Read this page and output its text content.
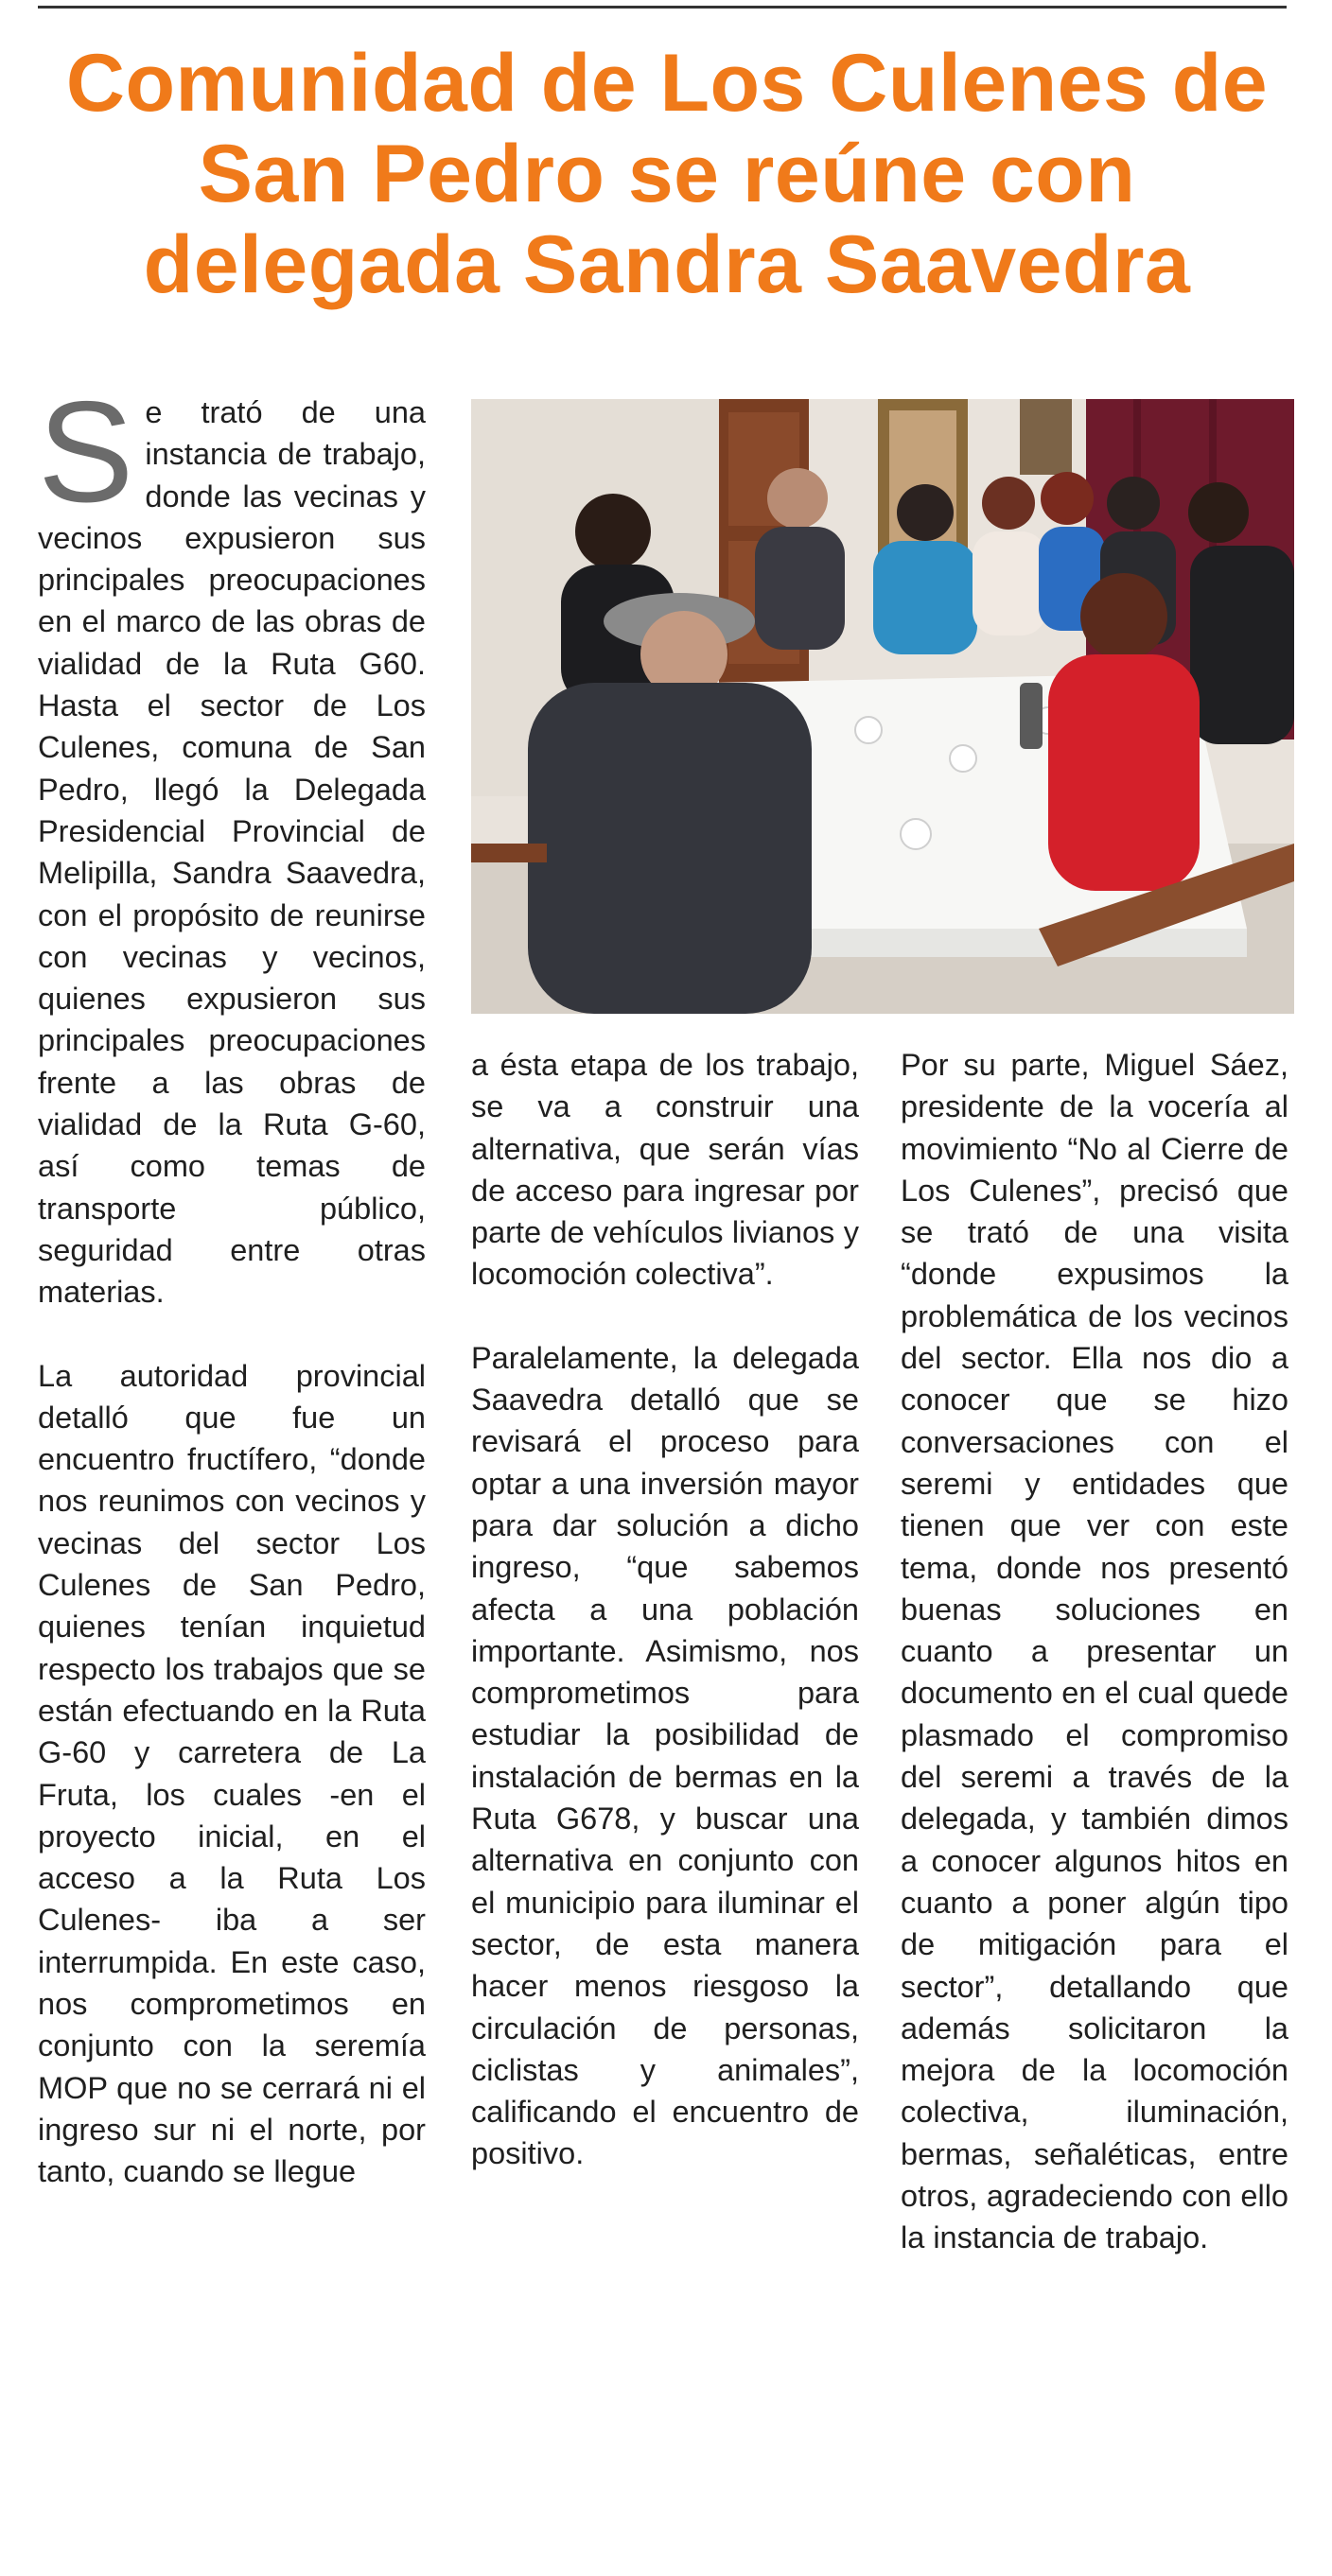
Comunidad de Los Culenes de San Pedro se reúne con delegada Sandra Saavedra

Se trató de una instancia de trabajo, donde las vecinas y vecinos expusieron sus principales preocupaciones en el marco de las obras de vialidad de la Ruta G60. Hasta el sector de Los Culenes, comuna de San Pedro, llegó la Delegada Presidencial Provincial de Melipilla, Sandra Saavedra, con el propósito de reunirse con vecinas y vecinos, quienes expusieron sus principales preocupaciones frente a las obras de vialidad de la Ruta G-60, así como temas de transporte público, seguridad entre otras materias.

La autoridad provincial detalló que fue un encuentro fructífero, “donde nos reunimos con vecinos y vecinas del sector Los Culenes de San Pedro, quienes tenían inquietud respecto los trabajos que se están efectuando en la Ruta G-60 y carretera de La Fruta, los cuales -en el proyecto inicial, en el acceso a la Ruta Los Culenes- iba a ser interrumpida. En este caso, nos comprometimos en conjunto con la seremía MOP que no se cerrará ni el ingreso sur ni el norte, por tanto, cuando se llegue

a ésta etapa de los trabajo, se va a construir una alternativa, que serán vías de acceso para ingresar por parte de vehículos livianos y locomoción colectiva”.

Paralelamente, la delegada Saavedra detalló que se revisará el proceso para optar a una inversión mayor para dar solución a dicho ingreso, “que sabemos afecta a una población importante. Asimismo, nos comprometimos para estudiar la posibilidad de instalación de bermas en la Ruta G678, y buscar una alternativa en conjunto con el municipio para iluminar el sector, de esta manera hacer menos riesgoso la circulación de personas, ciclistas y animales”, calificando el encuentro de positivo.

Por su parte, Miguel Sáez, presidente de la vocería al movimiento “No al Cierre de Los Culenes”, precisó que se trató de una visita “donde expusimos la problemática de los vecinos del sector. Ella nos dio a conocer que se hizo conversaciones con el seremi y entidades que tienen que ver con este tema, donde nos presentó buenas soluciones en cuanto a presentar un documento en el cual quede plasmado el compromiso del seremi a través de la delegada, y también dimos a conocer algunos hitos en cuanto a poner algún tipo de mitigación para el sector”, detallando que además solicitaron la mejora de la locomoción colectiva, iluminación, bermas, señaléticas, entre otros, agradeciendo con ello la instancia de trabajo.
